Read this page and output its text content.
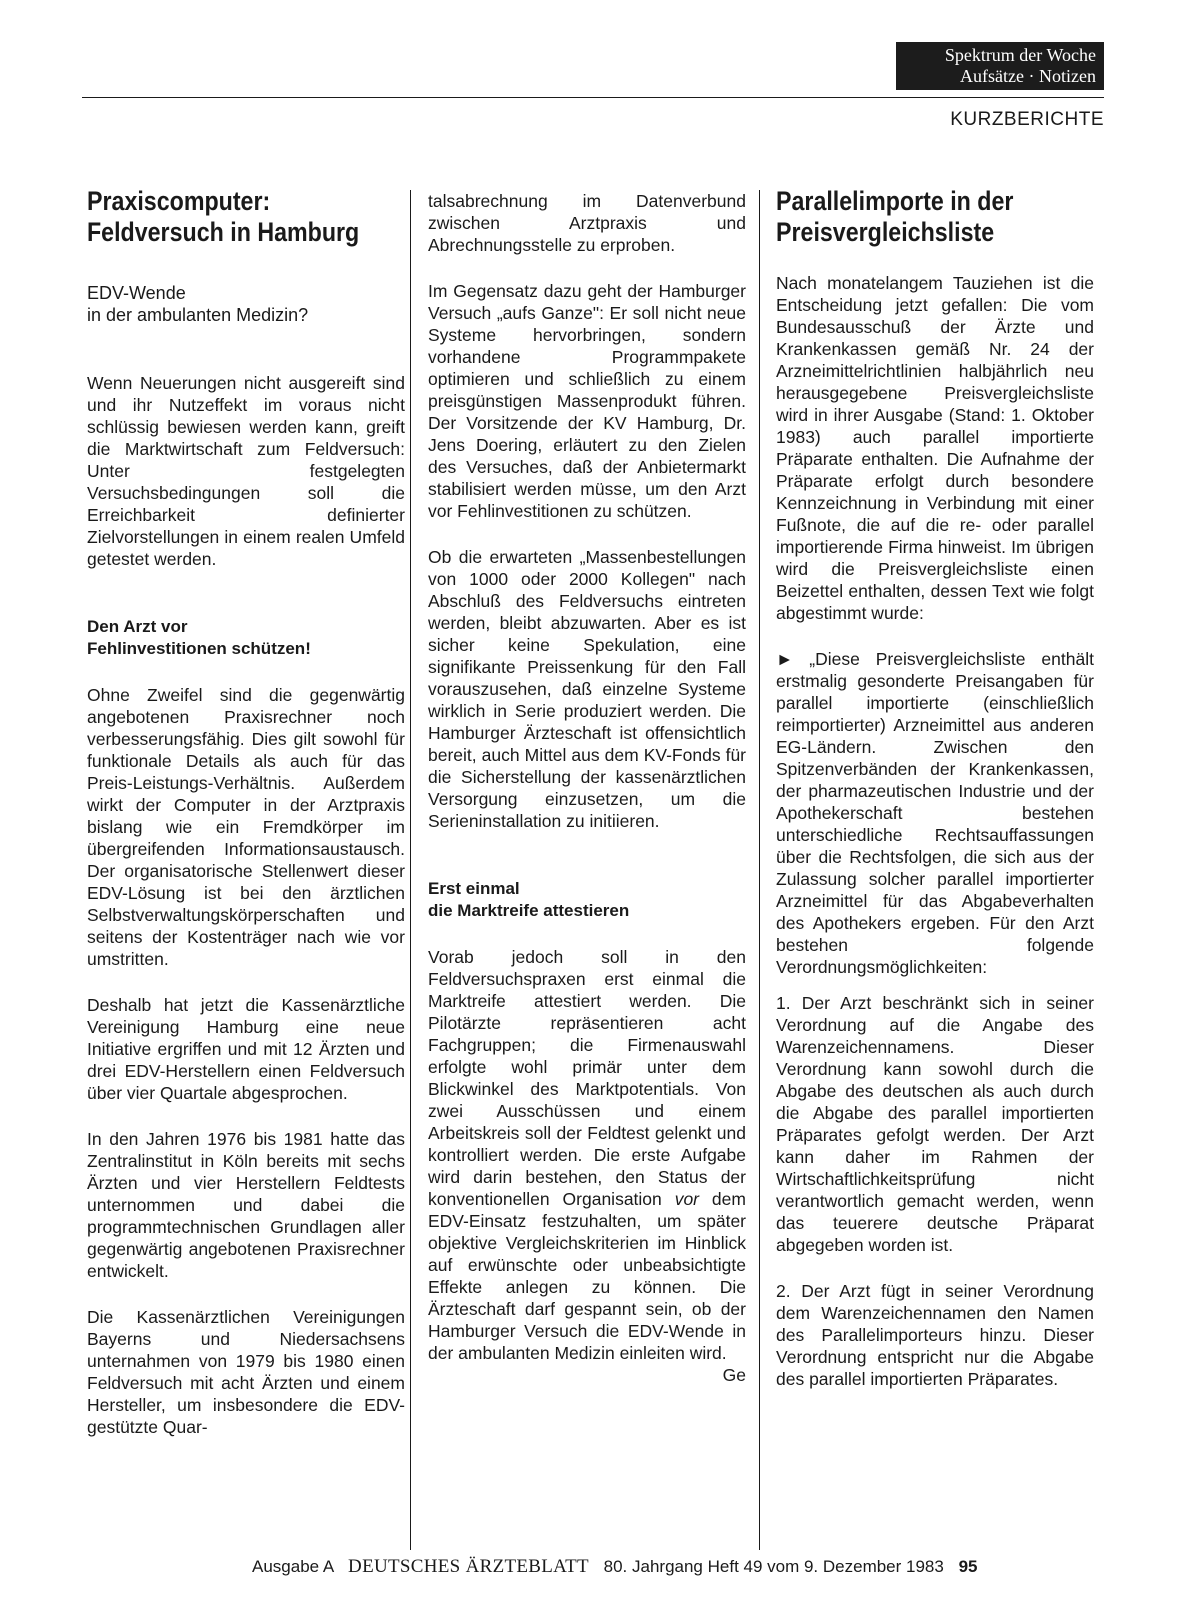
Spektrum der Woche
Aufsätze · Notizen
KURZBERICHTE
Praxiscomputer:
Feldversuch in Hamburg

EDV-Wende
in der ambulanten Medizin?

Wenn Neuerungen nicht ausgereift sind und ihr Nutzeffekt im voraus nicht schlüssig bewiesen werden kann, greift die Marktwirtschaft zum Feldversuch: Unter festgelegten Versuchsbedingungen soll die Erreichbarkeit definierter Zielvorstellungen in einem realen Umfeld getestet werden.

Den Arzt vor
Fehlinvestitionen schützen!

Ohne Zweifel sind die gegenwärtig angebotenen Praxisrechner noch verbesserungsfähig. Dies gilt sowohl für funktionale Details als auch für das Preis-Leistungs-Verhältnis. Außerdem wirkt der Computer in der Arztpraxis bislang wie ein Fremdkörper im übergreifenden Informationsaustausch. Der organisatorische Stellenwert dieser EDV-Lösung ist bei den ärztlichen Selbstverwaltungskörperschaften und seitens der Kostenträger nach wie vor umstritten.

Deshalb hat jetzt die Kassenärztliche Vereinigung Hamburg eine neue Initiative ergriffen und mit 12 Ärzten und drei EDV-Herstellern einen Feldversuch über vier Quartale abgesprochen.

In den Jahren 1976 bis 1981 hatte das Zentralinstitut in Köln bereits mit sechs Ärzten und vier Herstellern Feldtests unternommen und dabei die programmtechnischen Grundlagen aller gegenwärtig angebotenen Praxisrechner entwickelt.

Die Kassenärztlichen Vereinigungen Bayerns und Niedersachsens unternahmen von 1979 bis 1980 einen Feldversuch mit acht Ärzten und einem Hersteller, um insbesondere die EDV-gestützte Quar-

talsabrechnung im Datenverbund zwischen Arztpraxis und Abrechnungsstelle zu erproben.

Im Gegensatz dazu geht der Hamburger Versuch „aufs Ganze": Er soll nicht neue Systeme hervorbringen, sondern vorhandene Programmpakete optimieren und schließlich zu einem preisgünstigen Massenprodukt führen. Der Vorsitzende der KV Hamburg, Dr. Jens Doering, erläutert zu den Zielen des Versuches, daß der Anbietermarkt stabilisiert werden müsse, um den Arzt vor Fehlinvestitionen zu schützen.

Ob die erwarteten „Massenbestellungen von 1000 oder 2000 Kollegen" nach Abschluß des Feldversuchs eintreten werden, bleibt abzuwarten. Aber es ist sicher keine Spekulation, eine signifikante Preissenkung für den Fall vorauszusehen, daß einzelne Systeme wirklich in Serie produziert werden. Die Hamburger Ärzteschaft ist offensichtlich bereit, auch Mittel aus dem KV-Fonds für die Sicherstellung der kassenärztlichen Versorgung einzusetzen, um die Serieninstallation zu initiieren.

Erst einmal
die Marktreife attestieren

Vorab jedoch soll in den Feldversuchspraxen erst einmal die Marktreife attestiert werden. Die Pilotärzte repräsentieren acht Fachgruppen; die Firmenauswahl erfolgte wohl primär unter dem Blickwinkel des Marktpotentials. Von zwei Ausschüssen und einem Arbeitskreis soll der Feldtest gelenkt und kontrolliert werden. Die erste Aufgabe wird darin bestehen, den Status der konventionellen Organisation vor dem EDV-Einsatz festzuhalten, um später objektive Vergleichskriterien im Hinblick auf erwünschte oder unbeabsichtigte Effekte anlegen zu können. Die Ärzteschaft darf gespannt sein, ob der Hamburger Versuch die EDV-Wende in der ambulanten Medizin einleiten wird.
Ge

Parallelimporte in der
Preisvergleichsliste

Nach monatelangem Tauziehen ist die Entscheidung jetzt gefallen: Die vom Bundesausschuß der Ärzte und Krankenkassen gemäß Nr. 24 der Arzneimittelrichtlinien halbjährlich neu herausgegebene Preisvergleichsliste wird in ihrer Ausgabe (Stand: 1. Oktober 1983) auch parallel importierte Präparate enthalten. Die Aufnahme der Präparate erfolgt durch besondere Kennzeichnung in Verbindung mit einer Fußnote, die auf die re- oder parallel importierende Firma hinweist. Im übrigen wird die Preisvergleichsliste einen Beizettel enthalten, dessen Text wie folgt abgestimmt wurde:

► „Diese Preisvergleichsliste enthält erstmalig gesonderte Preisangaben für parallel importierte (einschließlich reimportierter) Arzneimittel aus anderen EG-Ländern. Zwischen den Spitzenverbänden der Krankenkassen, der pharmazeutischen Industrie und der Apothekerschaft bestehen unterschiedliche Rechtsauffassungen über die Rechtsfolgen, die sich aus der Zulassung solcher parallel importierter Arzneimittel für das Abgabeverhalten des Apothekers ergeben. Für den Arzt bestehen folgende Verordnungsmöglichkeiten:

1. Der Arzt beschränkt sich in seiner Verordnung auf die Angabe des Warenzeichennamens. Dieser Verordnung kann sowohl durch die Abgabe des deutschen als auch durch die Abgabe des parallel importierten Präparates gefolgt werden. Der Arzt kann daher im Rahmen der Wirtschaftlichkeitsprüfung nicht verantwortlich gemacht werden, wenn das teuerere deutsche Präparat abgegeben worden ist.

2. Der Arzt fügt in seiner Verordnung dem Warenzeichennamen den Namen des Parallelimporteurs hinzu. Dieser Verordnung entspricht nur die Abgabe des parallel importierten Präparates.

Ausgabe A DEUTSCHES ÄRZTEBLATT 80. Jahrgang Heft 49 vom 9. Dezember 1983 95
